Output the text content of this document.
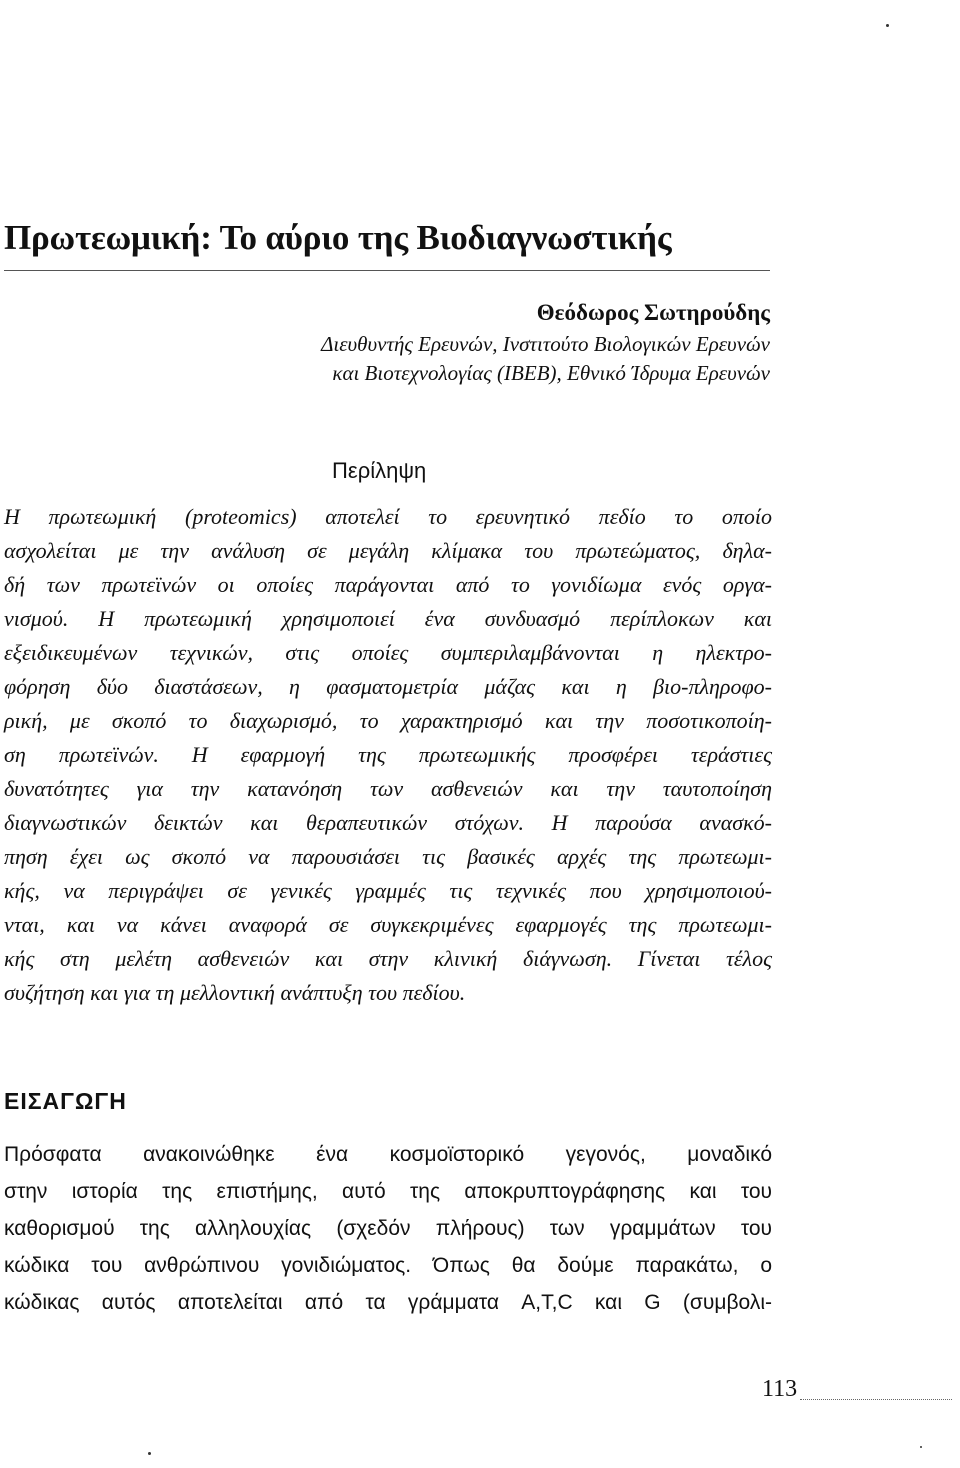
Πρωτεωμική: Το αύριο της Βιοδιαγνωστικής
Θεόδωρος Σωτηρούδης
Διευθυντής Ερευνών, Ινστιτούτο Βιολογικών Ερευνών
και Βιοτεχνολογίας (ΙΒΕΒ), Εθνικό Ίδρυμα Ερευνών
Περίληψη
Η πρωτεωμική (proteomics) αποτελεί το ερευνητικό πεδίο το οποίο
ασχολείται με την ανάλυση σε μεγάλη κλίμακα του πρωτεώματος, δηλα-
δή των πρωτεϊνών οι οποίες παράγονται από το γονιδίωμα ενός οργα-
νισμού. Η πρωτεωμική χρησιμοποιεί ένα συνδυασμό περίπλοκων και
εξειδικευμένων τεχνικών, στις οποίες συμπεριλαμβάνονται η ηλεκτρο-
φόρηση δύο διαστάσεων, η φασματομετρία μάζας και η βιο-πληροφο-
ρική, με σκοπό το διαχωρισμό, το χαρακτηρισμό και την ποσοτικοποίη-
ση πρωτεϊνών. Η εφαρμογή της πρωτεωμικής προσφέρει τεράστιες
δυνατότητες για την κατανόηση των ασθενειών και την ταυτοποίηση
διαγνωστικών δεικτών και θεραπευτικών στόχων. Η παρούσα ανασκό-
πηση έχει ως σκοπό να παρουσιάσει τις βασικές αρχές της πρωτεωμι-
κής, να περιγράψει σε γενικές γραμμές τις τεχνικές που χρησιμοποιού-
νται, και να κάνει αναφορά σε συγκεκριμένες εφαρμογές της πρωτεωμι-
κής στη μελέτη ασθενειών και στην κλινική διάγνωση. Γίνεται τέλος
συζήτηση και για τη μελλοντική ανάπτυξη του πεδίου.
ΕΙΣΑΓΩΓΗ
Πρόσφατα ανακοινώθηκε ένα κοσμοϊστορικό γεγονός, μοναδικό
στην ιστορία της επιστήμης, αυτό της αποκρυπτογράφησης και του
καθορισμού της αλληλουχίας (σχεδόν πλήρους) των γραμμάτων του
κώδικα του ανθρώπινου γονιδιώματος. Όπως θα δούμε παρακάτω, ο
κώδικας αυτός αποτελείται από τα γράμματα A,T,C και G (συμβολι-
113
